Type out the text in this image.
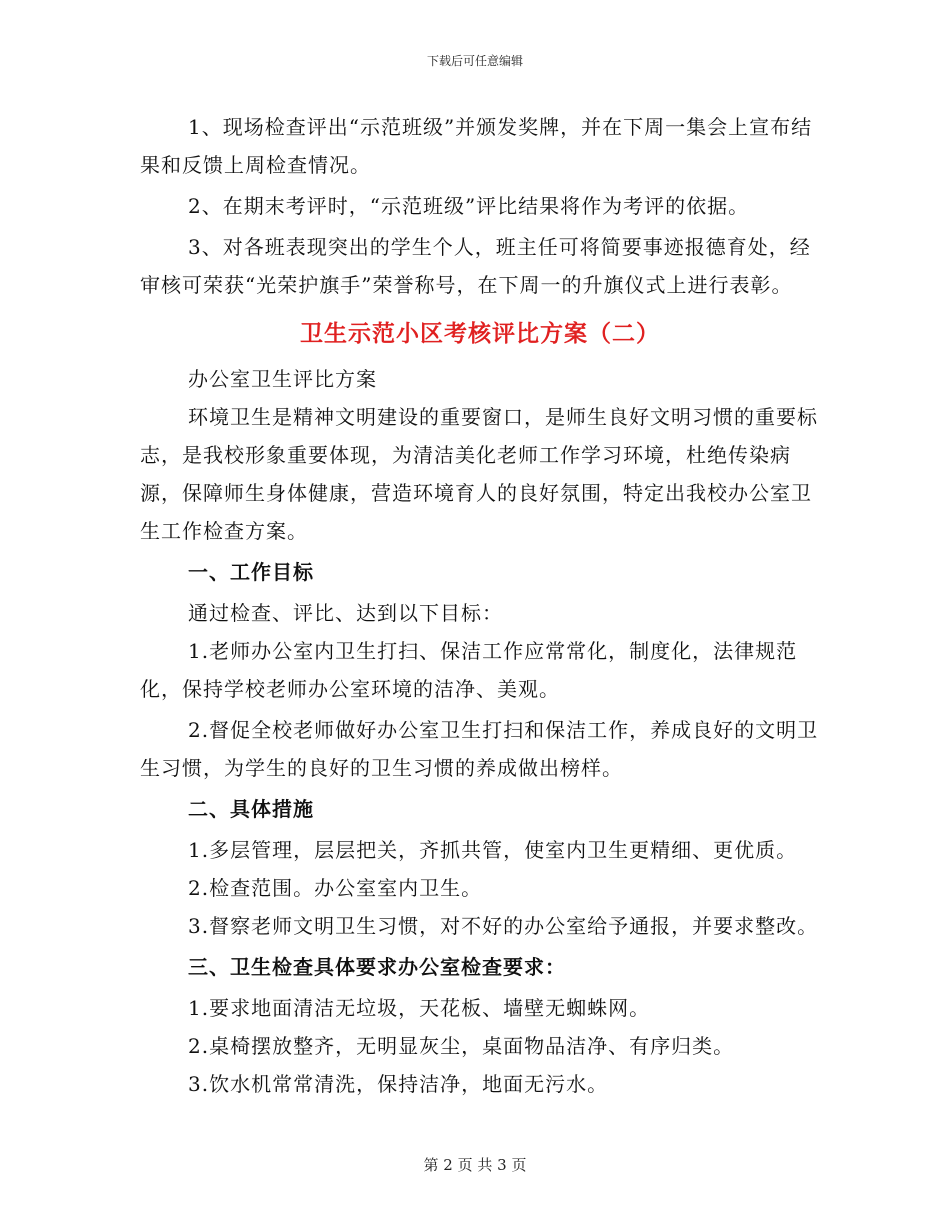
下载后可任意编辑

1、现场检查评出“示范班级”并颁发奖牌，并在下周一集会上宣布结果和反馈上周检查情况。

2、在期末考评时，“示范班级”评比结果将作为考评的依据。

3、对各班表现突出的学生个人，班主任可将简要事迹报德育处，经审核可荣获“光荣护旗手”荣誉称号，在下周一的升旗仪式上进行表彰。

卫生示范小区考核评比方案（二）

办公室卫生评比方案

环境卫生是精神文明建设的重要窗口，是师生良好文明习惯的重要标志，是我校形象重要体现，为清洁美化老师工作学习环境，杜绝传染病源，保障师生身体健康，营造环境育人的良好氛围，特定出我校办公室卫生工作检查方案。

一、工作目标

通过检查、评比、达到以下目标：

1.老师办公室内卫生打扫、保洁工作应常常化，制度化，法律规范化，保持学校老师办公室环境的洁净、美观。

2.督促全校老师做好办公室卫生打扫和保洁工作，养成良好的文明卫生习惯，为学生的良好的卫生习惯的养成做出榜样。

二、具体措施

1.多层管理，层层把关，齐抓共管，使室内卫生更精细、更优质。

2.检查范围。办公室室内卫生。

3.督察老师文明卫生习惯，对不好的办公室给予通报，并要求整改。

三、卫生检查具体要求办公室检查要求：

1.要求地面清洁无垃圾，天花板、墙壁无蜘蛛网。

2.桌椅摆放整齐，无明显灰尘，桌面物品洁净、有序归类。

3.饮水机常常清洗，保持洁净，地面无污水。

第 2 页 共 3 页
